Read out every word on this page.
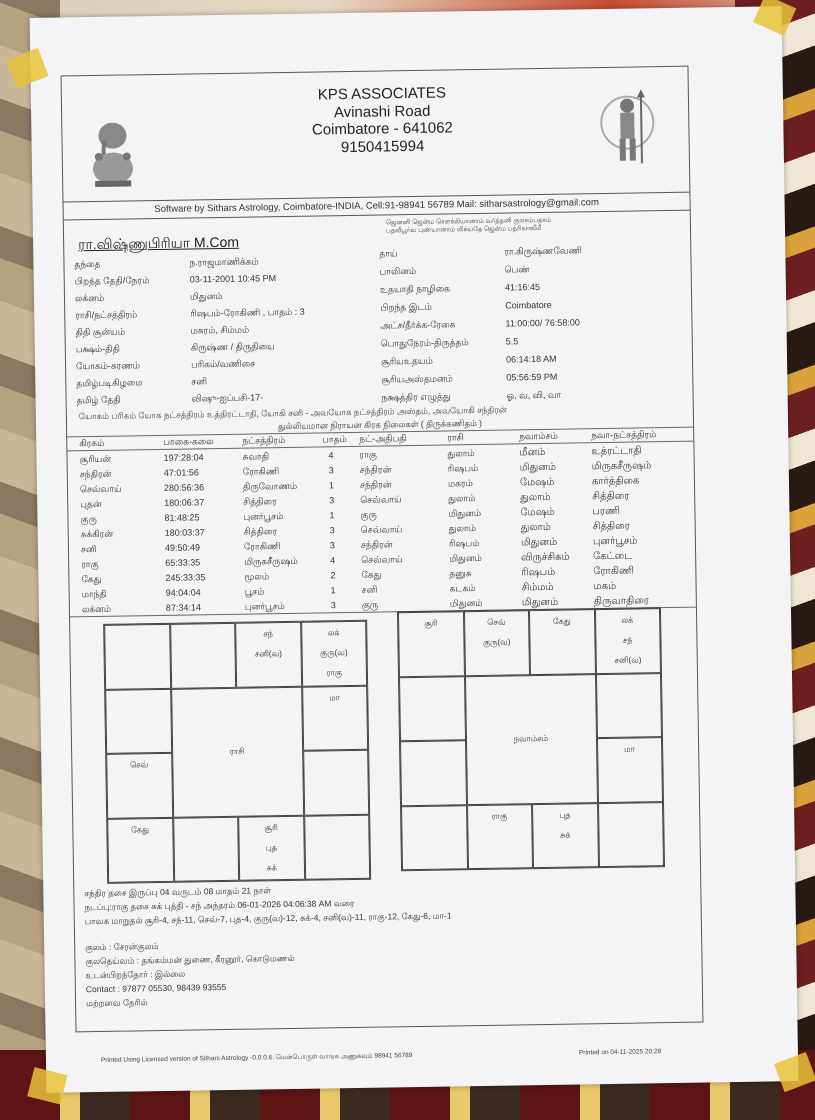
KPS ASSOCIATES
Avinashi Road
Coimbatore - 641062
9150415994
Software by Sithars Astrology, Coimbatore-INDIA, Cell:91-98941 56789 Mail: sitharsastrology@gmail.com
ரா.விஷ்ணுபிரியா M.Com
ஜெனனி ஜென்ம சௌக்கியானாம் வர்த்தனி குலசம்பதாம்
பதவீபூர்வ புண்யானாம் லிக்யதே ஜென்ம பத்ரிகாஸீமீ
தந்தை	ந.ராஜமாணிக்கம்
பிறந்த தேதி/நேரம்	03-11-2001 10:45 PM
லக்னம்	மிதுனம்
ராசி/நட்சத்திரம்	ரிஷபம்-ரோகிணி , பாதம் : 3
திதி சூன்யம்	மகரம், சிம்மம்
பக்ஷம்-திதி	கிருஷ்ண / திருதியை
யோகம்-கரணம்	பரிகம்/வணிசை
தமிழ்படிகிழமை	சனி
தமிழ் தேதி	விஷு-ஐப்பசி-17-
தாய்	ரா.கிருஷ்ணவேணி
பாலினம்	பெண்
உதயாதி நாழிகை	41:16:45
பிறந்த இடம்	Coimbatore
அட்ச/தீர்க்க-ரேகை	11:00:00/ 76:58:00
பொதுநேரம்-திருத்தம்	5.5
சூரியஉதயம்	06:14:18 AM
சூரியஅஸ்தமனம்	05:56:59 PM
நக்ஷத்திர எழுத்து	ஓ, வ, வி, வா
யோகம் பரிகம் யோக நட்சத்திரம் உத்திரட்டாதி, யோகி சனி - அவயோக நட்சத்திரம் அஸ்தம், அவயோகி சந்திரன்
துல்லியமான நிராயன கிரக நிலைகள் ( திருக்கணிதம் )
கிரகம்	பாகை-கலை	நட்சத்திரம்	பாதம் நட்-அதிபதி	ராசி	நவாம்சம்	நவா-நட்சத்திரம்
சூரியன்	197:28:04	சுவாதி	4	ராகு	துலாம்	மீனம்	உத்ரட்டாதி
சந்திரன்	47:01:56	ரோகிணி	3	சந்திரன்	ரிஷபம்	மிதுனம்	மிருகசீருஷம்
செவ்வாய்	280:56:36	திருவோணம்	1	சந்திரன்	மகரம்	மேஷம்	கார்த்திகை
புதன்	180:06:37	சித்திரை	3	செவ்வாய்	துலாம்	துலாம்	சித்திரை
குரு	81:48:25	புனர்பூசம்	1	குரு	மிதுனம்	மேஷம்	பரணி
சுக்கிரன்	180:03:37	சித்திரை	3	செவ்வாய்	துலாம்	துலாம்	சித்திரை
சனி	49:50:49	ரோகிணி	3	சந்திரன்	ரிஷபம்	மிதுனம்	புனர்பூசம்
ராகு	65:33:35	மிருகசீருஷம்	4	செவ்வாய்	மிதுனம்	விருச்சிகம் கேட்டை
கேது	245:33:35	மூலம்	2	கேது	தனுசு	ரிஷபம்	ரோகிணி
மாந்தி	94:04:04	பூசம்	1	சனி	கடகம்	சிம்மம்	மகம்
லக்னம்	87:34:14	புனர்பூசம்	3	குரு	மிதுனம்	மிதுனம்	திருவாதிரை
சந்
சனி(வ)
லக்
குரு(வ)
ராகு
மா
செவ்
கேது	சூரி
புத
சுக்
ராசி
சூரி	செவ்
குரு(வ)
கேது	லக்
சந்
சனி(வ)
மா
ராகு	புத
சுக்
நவாம்சம்
சந்திர தசை இருப்பு 04 வருடம் 08 மாதம் 21 நாள்
நடப்பு:ராகு தசை சுக் புத்தி - சந் அந்தரம் 06-01-2026 04:06:38 AM வரை
பாவக மாறுதல் சூரி-4, சந்-11, செவ்-7, புத-4, குரு(வ)-12, சுக்-4, சனி(வ)-11, ராகு-12, கேது-6, மா-1
குலம் : சேரன்குலம்
குலதெய்வம் : தங்கம்மன் துணை, கீரனூர், கொடுமணல்
உடன்பிறந்தோர் : இல்லை
Contact : 97877 05530, 98439 93555
மற்றவை நேரில்
Printed Using Licensed version of Sithars Astrology -0.0.0.6. மென்பொருள் வாங்க அணுகவும் 98941 56789	Printed on 04-11-2025 20:28
